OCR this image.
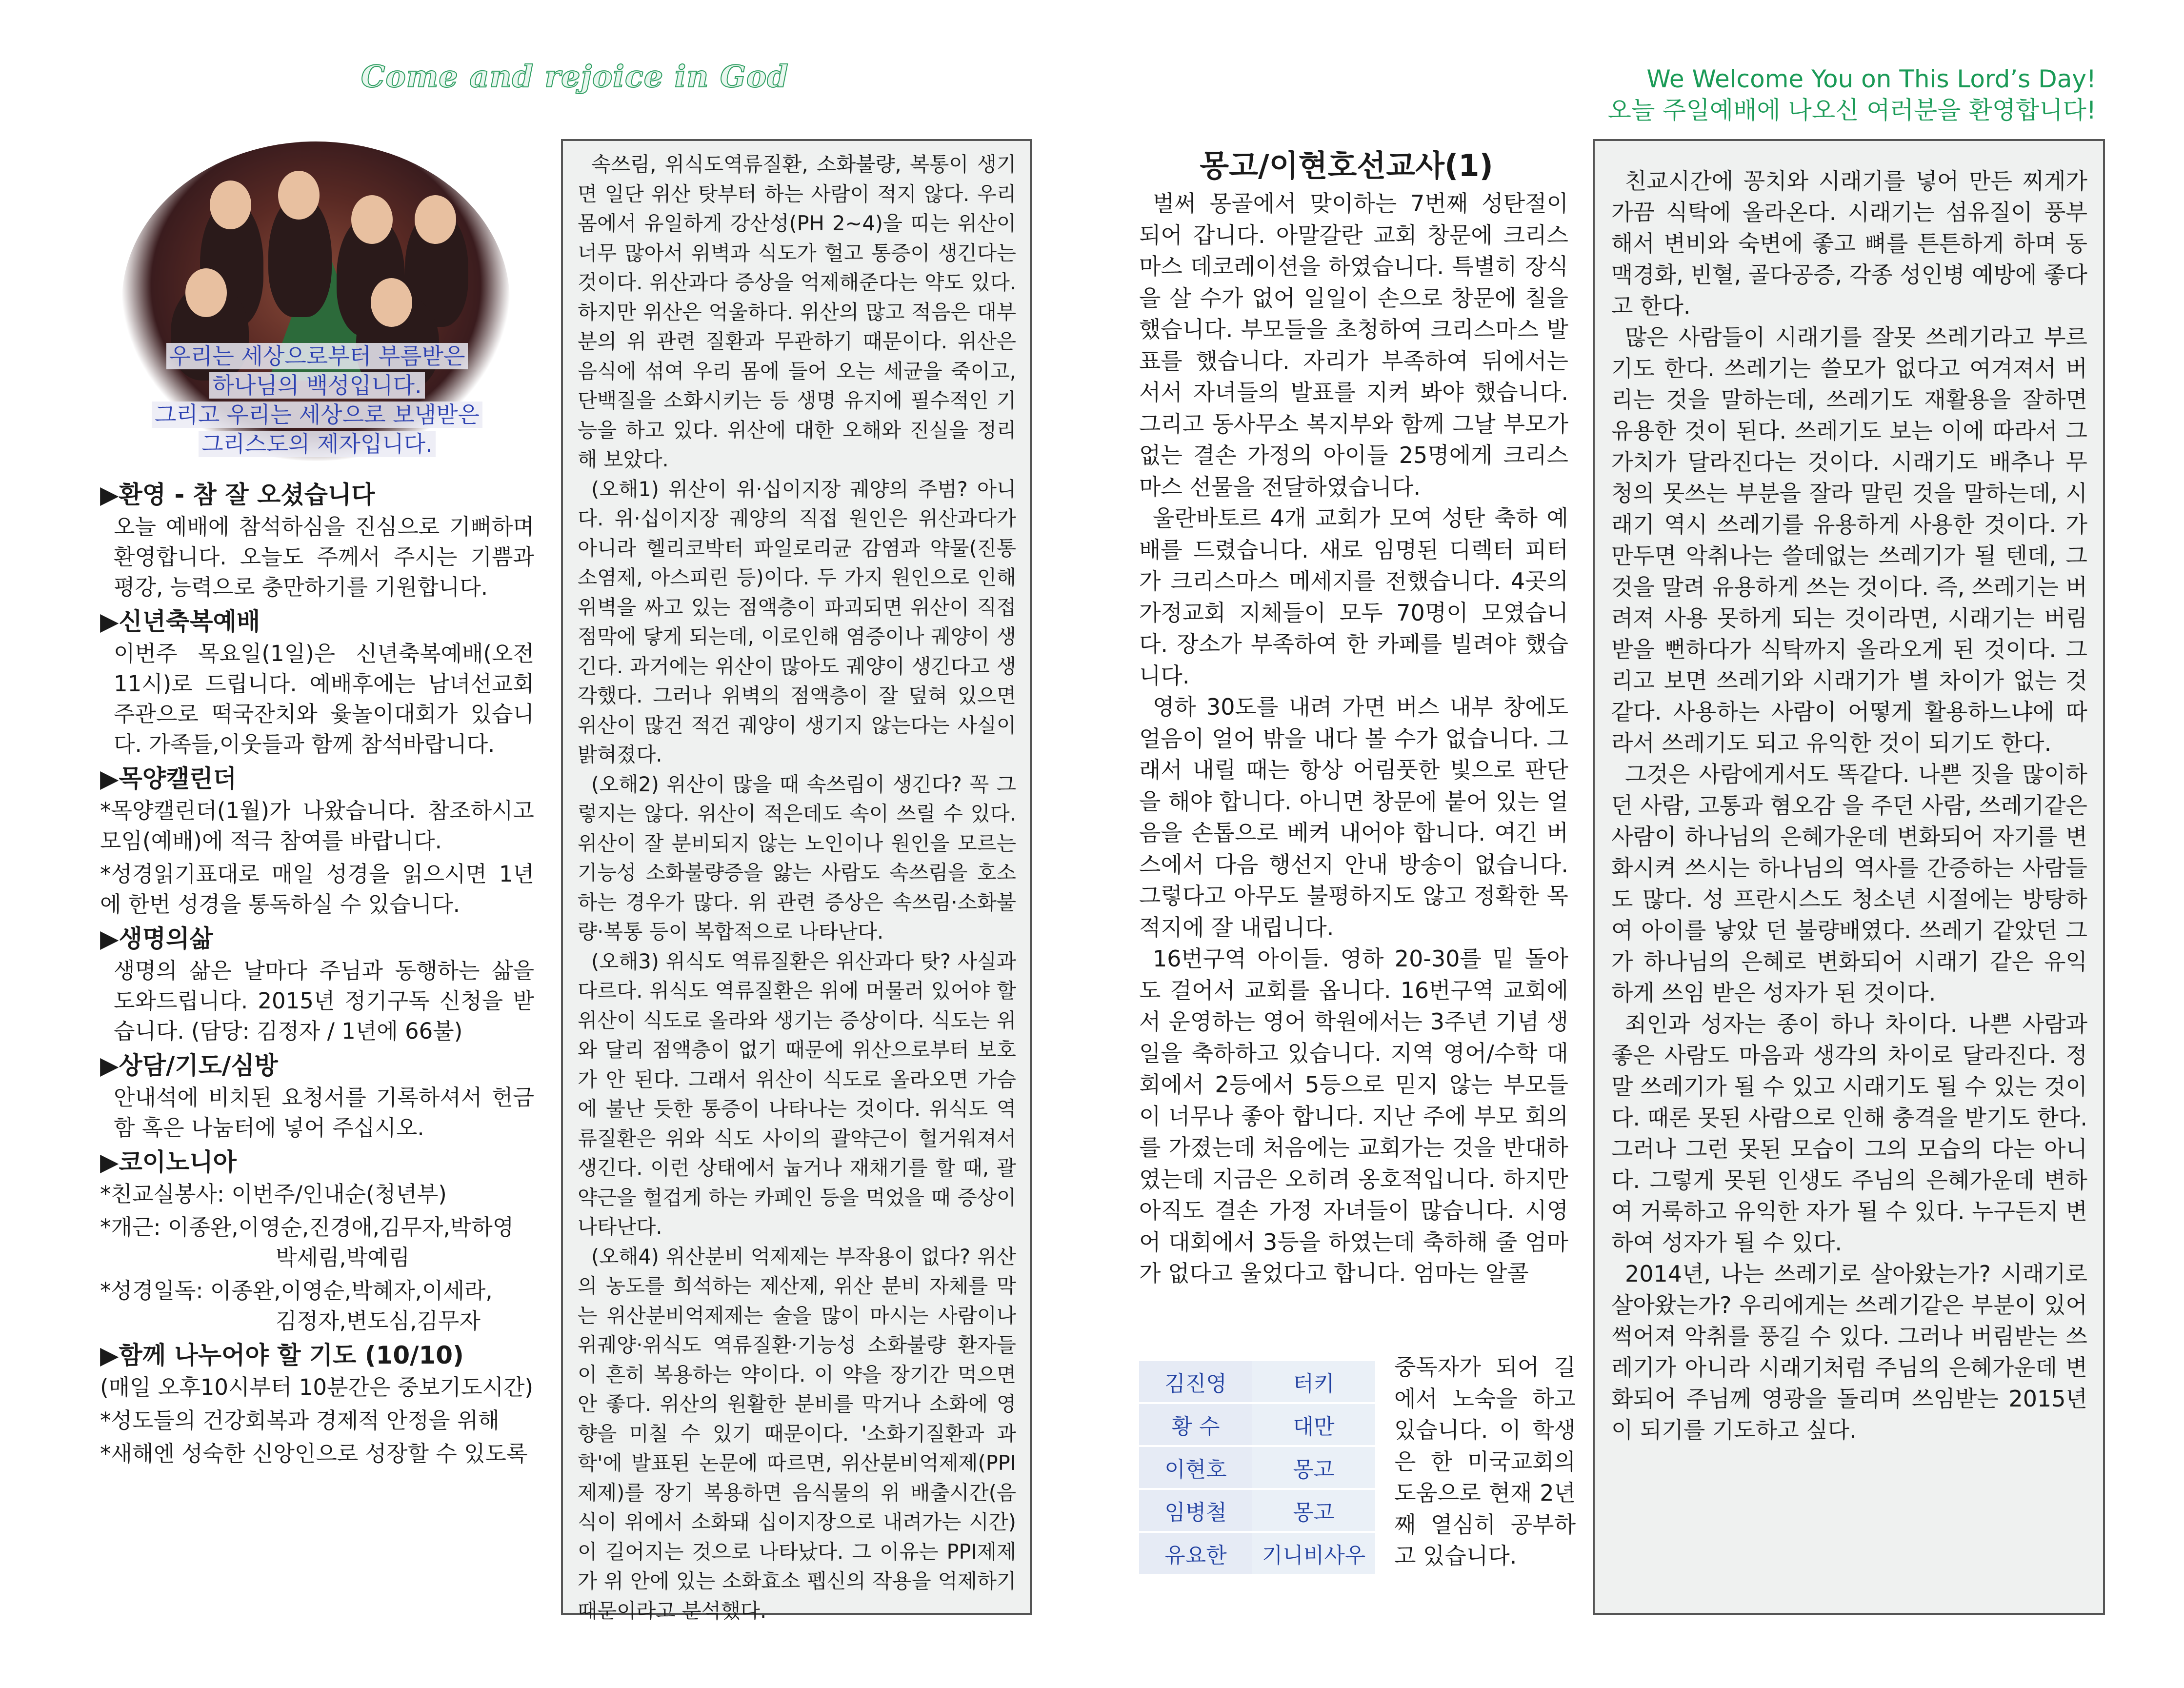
Come and rejoice in God	We Welcome You on This Lord’s Day!
오늘 주일예배에 나오신 여러분을 환영합니다!
우리는 세상으로부터 부름받은
하나님의 백성입니다.
그리고 우리는 세상으로 보냄받은
그리스도의 제자입니다.
▶환영 - 참 잘 오셨습니다

오늘 예배에 참석하심을 진심으로 기뻐하며 환영합니다. 오늘도 주께서 주시는 기쁨과 평강, 능력으로 충만하기를 기원합니다.

▶신년축복예배

이번주 목요일(1일)은 신년축복예배(오전 11시)로 드립니다. 예배후에는 남녀선교회 주관으로 떡국잔치와 윷놀이대회가 있습니다. 가족들,이웃들과 함께 참석바랍니다.

▶목양캘린더

*목양캘린더(1월)가 나왔습니다. 참조하시고 모임(예배)에 적극 참여를 바랍니다.

*성경읽기표대로 매일 성경을 읽으시면 1년에 한번 성경을 통독하실 수 있습니다.

▶생명의삶

생명의 삶은 날마다 주님과 동행하는 삶을 도와드립니다. 2015년 정기구독 신청을 받습니다. (담당: 김정자 / 1년에 66불)

▶상담/기도/심방

안내석에 비치된 요청서를 기록하셔서 헌금함 혹은 나눔터에 넣어 주십시오.

▶코이노니아

*친교실봉사: 이번주/인내순(청년부)

*개근: 이종완,이영순,진경애,김무자,박하영

박세림,박예림

*성경일독: 이종완,이영순,박혜자,이세라,

김정자,변도심,김무자

▶함께 나누어야 할 기도 (10/10)

(매일 오후10시부터 10분간은 중보기도시간)

*성도들의 건강회복과 경제적 안정을 위해

*새해엔 성숙한 신앙인으로 성장할 수 있도록

속쓰림, 위식도역류질환, 소화불량, 복통이 생기면 일단 위산 탓부터 하는 사람이 적지 않다. 우리 몸에서 유일하게 강산성(PH 2~4)을 띠는 위산이 너무 많아서 위벽과 식도가 헐고 통증이 생긴다는 것이다. 위산과다 증상을 억제해준다는 약도 있다. 하지만 위산은 억울하다. 위산의 많고 적음은 대부분의 위 관련 질환과 무관하기 때문이다. 위산은 음식에 섞여 우리 몸에 들어 오는 세균을 죽이고, 단백질을 소화시키는 등 생명 유지에 필수적인 기능을 하고 있다. 위산에 대한 오해와 진실을 정리해 보았다.

(오해1) 위산이 위·십이지장 궤양의 주범? 아니다. 위·십이지장 궤양의 직접 원인은 위산과다가 아니라 헬리코박터 파일로리균 감염과 약물(진통소염제, 아스피린 등)이다. 두 가지 원인으로 인해 위벽을 싸고 있는 점액층이 파괴되면 위산이 직접 점막에 닿게 되는데, 이로인해 염증이나 궤양이 생긴다. 과거에는 위산이 많아도 궤양이 생긴다고 생각했다. 그러나 위벽의 점액층이 잘 덮혀 있으면 위산이 많건 적건 궤양이 생기지 않는다는 사실이 밝혀졌다.

(오해2) 위산이 많을 때 속쓰림이 생긴다? 꼭 그렇지는 않다. 위산이 적은데도 속이 쓰릴 수 있다. 위산이 잘 분비되지 않는 노인이나 원인을 모르는 기능성 소화불량증을 앓는 사람도 속쓰림을 호소하는 경우가 많다. 위 관련 증상은 속쓰림·소화불량·복통 등이 복합적으로 나타난다.

(오해3) 위식도 역류질환은 위산과다 탓? 사실과 다르다. 위식도 역류질환은 위에 머물러 있어야 할 위산이 식도로 올라와 생기는 증상이다. 식도는 위와 달리 점액층이 없기 때문에 위산으로부터 보호가 안 된다. 그래서 위산이 식도로 올라오면 가슴에 불난 듯한 통증이 나타나는 것이다. 위식도 역류질환은 위와 식도 사이의 괄약근이 헐거워져서 생긴다. 이런 상태에서 눕거나 재채기를 할 때, 괄약근을 헐겁게 하는 카페인 등을 먹었을 때 증상이 나타난다.

(오해4) 위산분비 억제제는 부작용이 없다? 위산의 농도를 희석하는 제산제, 위산 분비 자체를 막는 위산분비억제제는 술을 많이 마시는 사람이나 위궤양·위식도 역류질환·기능성 소화불량 환자들이 흔히 복용하는 약이다. 이 약을 장기간 먹으면 안 좋다. 위산의 원활한 분비를 막거나 소화에 영향을 미칠 수 있기 때문이다. '소화기질환과 과학'에 발표된 논문에 따르면, 위산분비억제제(PPI제제)를 장기 복용하면 음식물의 위 배출시간(음식이 위에서 소화돼 십이지장으로 내려가는 시간)이 길어지는 것으로 나타났다. 그 이유는 PPI제제가 위 안에 있는 소화효소 펩신의 작용을 억제하기 때문이라고 분석했다.

몽고/이현호선교사(1)

벌써 몽골에서 맞이하는 7번째 성탄절이 되어 갑니다. 아말갈란 교회 창문에 크리스마스 데코레이션을 하였습니다. 특별히 장식을 살 수가 없어 일일이 손으로 창문에 칠을 했습니다. 부모들을 초청하여 크리스마스 발표를 했습니다. 자리가 부족하여 뒤에서는 서서 자녀들의 발표를 지켜 봐야 했습니다. 그리고 동사무소 복지부와 함께 그날 부모가 없는 결손 가정의 아이들 25명에게 크리스마스 선물을 전달하였습니다.

울란바토르 4개 교회가 모여 성탄 축하 예배를 드렸습니다. 새로 임명된 디렉터 피터가 크리스마스 메세지를 전했습니다. 4곳의 가정교회 지체들이 모두 70명이 모였습니다. 장소가 부족하여 한 카페를 빌려야 했습니다.

영하 30도를 내려 가면 버스 내부 창에도 얼음이 얼어 밖을 내다 볼 수가 없습니다. 그래서 내릴 때는 항상 어림풋한 빛으로 판단을 해야 합니다. 아니면 창문에 붙어 있는 얼음을 손톱으로 베켜 내어야 합니다. 여긴 버스에서 다음 행선지 안내 방송이 없습니다. 그렇다고 아무도 불평하지도 않고 정확한 목적지에 잘 내립니다.

16번구역 아이들. 영하 20-30를 밑 돌아도 걸어서 교회를 옵니다. 16번구역 교회에서 운영하는 영어 학원에서는 3주년 기념 생일을 축하하고 있습니다. 지역 영어/수학 대회에서 2등에서 5등으로 믿지 않는 부모들이 너무나 좋아 합니다. 지난 주에 부모 회의를 가졌는데 처음에는 교회가는 것을 반대하였는데 지금은 오히려 옹호적입니다. 하지만 아직도 결손 가정 자녀들이 많습니다. 시영어 대회에서 3등을 하였는데 축하해 줄 엄마가 없다고 울었다고 합니다. 엄마는 알콜

김진영	터키
황 수	대만
이현호	몽고
임병철	몽고
유요한	기니비사우
중독자가 되어 길에서 노숙을 하고 있습니다. 이 학생은 한 미국교회의 도움으로 현재 2년째 열심히 공부하고 있습니다.

친교시간에 꽁치와 시래기를 넣어 만든 찌게가 가끔 식탁에 올라온다. 시래기는 섬유질이 풍부해서 변비와 숙변에 좋고 뼈를 튼튼하게 하며 동맥경화, 빈혈, 골다공증, 각종 성인병 예방에 좋다고 한다.

많은 사람들이 시래기를 잘못 쓰레기라고 부르기도 한다. 쓰레기는 쓸모가 없다고 여겨져서 버리는 것을 말하는데, 쓰레기도 재활용을 잘하면 유용한 것이 된다. 쓰레기도 보는 이에 따라서 그 가치가 달라진다는 것이다. 시래기도 배추나 무청의 못쓰는 부분을 잘라 말린 것을 말하는데, 시래기 역시 쓰레기를 유용하게 사용한 것이다. 가만두면 악취나는 쓸데없는 쓰레기가 될 텐데, 그것을 말려 유용하게 쓰는 것이다. 즉, 쓰레기는 버려져 사용 못하게 되는 것이라면, 시래기는 버림받을 뻔하다가 식탁까지 올라오게 된 것이다. 그리고 보면 쓰레기와 시래기가 별 차이가 없는 것 같다. 사용하는 사람이 어떻게 활용하느냐에 따라서 쓰레기도 되고 유익한 것이 되기도 한다.

그것은 사람에게서도 똑같다. 나쁜 짓을 많이하던 사람, 고통과 혐오감 을 주던 사람, 쓰레기같은 사람이 하나님의 은혜가운데 변화되어 자기를 변화시켜 쓰시는 하나님의 역사를 간증하는 사람들도 많다. 성 프란시스도 청소년 시절에는 방탕하여 아이를 낳았 던 불량배였다. 쓰레기 같았던 그가 하나님의 은혜로 변화되어 시래기 같은 유익하게 쓰임 받은 성자가 된 것이다.

죄인과 성자는 종이 하나 차이다. 나쁜 사람과 좋은 사람도 마음과 생각의 차이로 달라진다. 정말 쓰레기가 될 수 있고 시래기도 될 수 있는 것이다. 때론 못된 사람으로 인해 충격을 받기도 한다. 그러나 그런 못된 모습이 그의 모습의 다는 아니다. 그렇게 못된 인생도 주님의 은혜가운데 변하여 거룩하고 유익한 자가 될 수 있다. 누구든지 변하여 성자가 될 수 있다.

2014년, 나는 쓰레기로 살아왔는가? 시래기로 살아왔는가? 우리에게는 쓰레기같은 부분이 있어 썩어져 악취를 풍길 수 있다. 그러나 버림받는 쓰레기가 아니라 시래기처럼 주님의 은혜가운데 변화되어 주님께 영광을 돌리며 쓰임받는 2015년이 되기를 기도하고 싶다.
